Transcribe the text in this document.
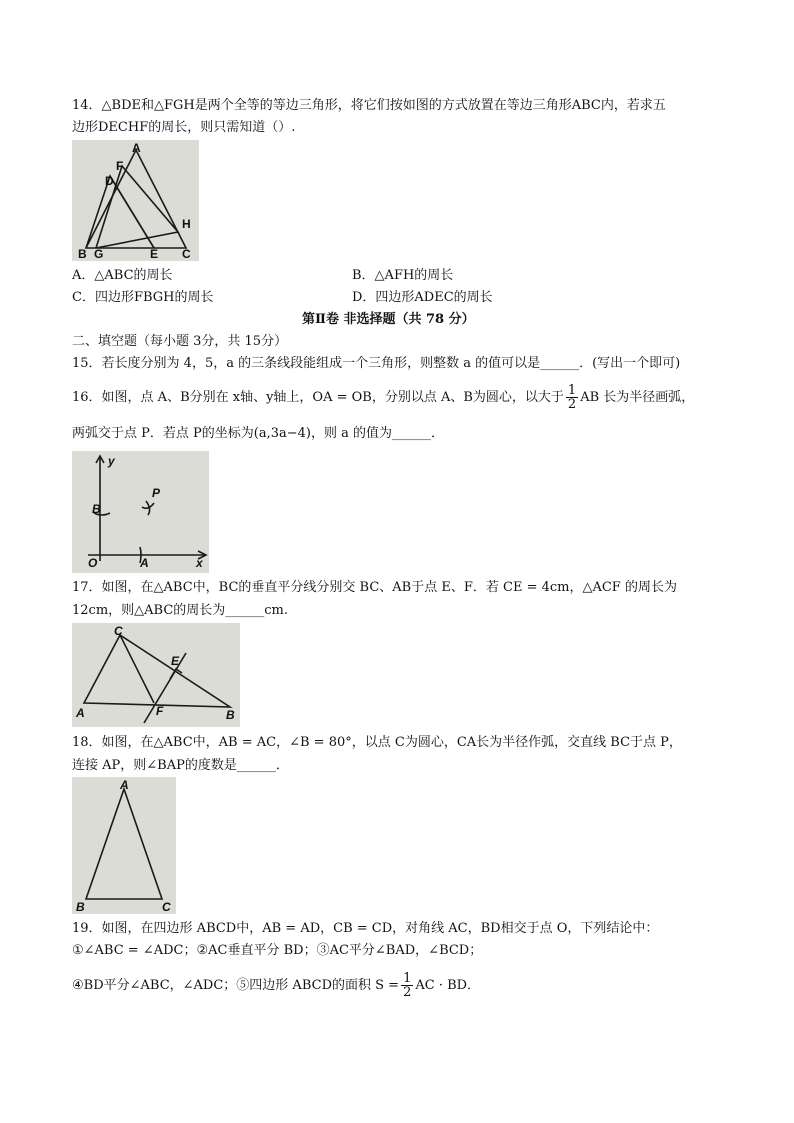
14．△BDE和△FGH是两个全等的等边三角形，将它们按如图的方式放置在等边三角形ABC内，若求五
边形DECHF的周长，则只需知道（）.
A
F
D
H
B G	E C
A．△ABC的周长	B．△AFH的周长
C．四边形FBGH的周长	D．四边形ADEC的周长
第Ⅱ卷 非选择题（共 78 分）
二、填空题（每小题 3分，共 15分）
15．若长度分别为 4，5，a 的三条线段能组成一个三角形，则整数 a 的值可以是______．(写出一个即可)
16．如图，点 A、B分别在 x轴、y轴上，OA = OB，分别以点 A、B为圆心，以大于 $\frac{1}{2}$ AB 长为半径画弧，
两弧交于点 P．若点 P的坐标为(a,3a−4)，则 a 的值为______．
y
P
B
O	A	x
17．如图，在△ABC中，BC的垂直平分线分别交 BC、AB于点 E、F．若 CE = 4cm，△ACF 的周长为
12cm，则△ABC的周长为______cm.
C
E
A	F	B
18．如图，在△ABC中，AB = AC，∠B = 80°，以点 C为圆心，CA长为半径作弧，交直线 BC于点 P，
连接 AP，则∠BAP的度数是______．
A
B	C
19．如图，在四边形 ABCD中，AB = AD，CB = CD，对角线 AC，BD相交于点 O，下列结论中：
①∠ABC = ∠ADC；②AC垂直平分 BD；③AC平分∠BAD，∠BCD；
④BD平分∠ABC，∠ADC；⑤四边形 ABCD的面积 $S = \frac{1}{2}$ AC · BD．
